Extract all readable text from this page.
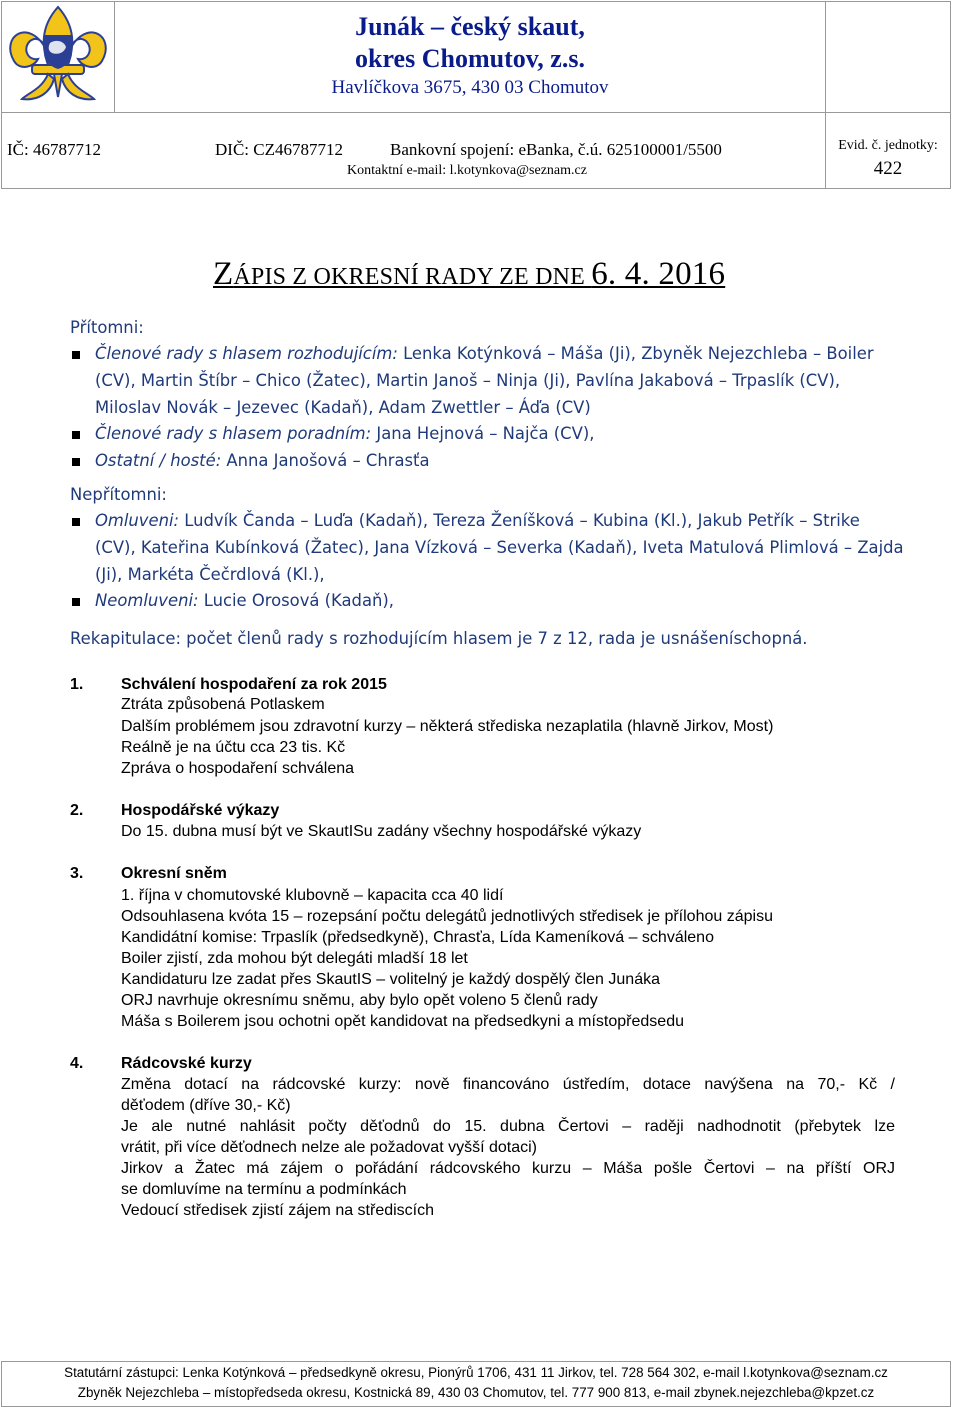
Junák – český skaut,
okres Chomutov, z.s.
Havlíčkova 3675, 430 03 Chomutov
IČ: 46787712	DIČ: CZ46787712	Bankovní spojení: eBanka, č.ú. 625100001/5500
Kontaktní e-mail: l.kotynkova@seznam.cz
Evid. č. jednotky:
422
ZÁPIS Z OKRESNÍ RADY ZE DNE 6. 4. 2016
Přítomni:
Členové rady s hlasem rozhodujícím: Lenka Kotýnková – Máša (Ji), Zbyněk Nejezchleba – Boiler
(CV), Martin Štíbr – Chico (Žatec), Martin Janoš – Ninja (Ji), Pavlína Jakabová – Trpaslík (CV),
Miloslav Novák – Jezevec (Kadaň), Adam Zwettler – Áďa (CV)
Členové rady s hlasem poradním: Jana Hejnová – Najča (CV),
Ostatní / hosté: Anna Janošová – Chrasťa
Nepřítomni:
Omluveni: Ludvík Čanda – Luďa (Kadaň), Tereza Ženíšková – Kubina (Kl.), Jakub Petřík – Strike
(CV), Kateřina Kubínková (Žatec), Jana Vízková – Severka (Kadaň), Iveta Matulová Plimlová – Zajda
(Ji), Markéta Čečrdlová (Kl.),
Neomluveni: Lucie Orosová (Kadaň),
Rekapitulace: počet členů rady s rozhodujícím hlasem je 7 z 12, rada je usnášeníschopná.
1. Schválení hospodaření za rok 2015
Ztráta způsobená Potlaskem
Dalším problémem jsou zdravotní kurzy – některá střediska nezaplatila (hlavně Jirkov, Most)
Reálně je na účtu cca 23 tis. Kč
Zpráva o hospodaření schválena
2. Hospodářské výkazy
Do 15. dubna musí být ve SkautISu zadány všechny hospodářské výkazy
3. Okresní sněm
1. října v chomutovské klubovně – kapacita cca 40 lidí
Odsouhlasena kvóta 15 – rozepsání počtu delegátů jednotlivých středisek je přílohou zápisu
Kandidátní komise: Trpaslík (předsedkyně), Chrasťa, Lída Kameníková – schváleno
Boiler zjistí, zda mohou být delegáti mladší 18 let
Kandidaturu lze zadat přes SkautIS – volitelný je každý dospělý člen Junáka
ORJ navrhuje okresnímu sněmu, aby bylo opět voleno 5 členů rady
Máša s Boilerem jsou ochotni opět kandidovat na předsedkyni a místopředsedu
4. Rádcovské kurzy
Změna dotací na rádcovské kurzy: nově financováno ústředím, dotace navýšena na 70,- Kč /
děťodem (dříve 30,- Kč)
Je ale nutné nahlásit počty děťodnů do 15. dubna Čertovi – raději nadhodnotit (přebytek lze
vrátit, při více děťodnech nelze ale požadovat vyšší dotaci)
Jirkov a Žatec má zájem o pořádání rádcovského kurzu – Máša pošle Čertovi – na příští ORJ
se domluvíme na termínu a podmínkách
Vedoucí středisek zjistí zájem na střediscích
Statutární zástupci: Lenka Kotýnková – předsedkyně okresu, Pionýrů 1706, 431 11 Jirkov, tel. 728 564 302, e-mail l.kotynkova@seznam.cz
Zbyněk Nejezchleba – místopředseda okresu, Kostnická 89, 430 03 Chomutov, tel. 777 900 813, e-mail zbynek.nejezchleba@kpzet.cz
